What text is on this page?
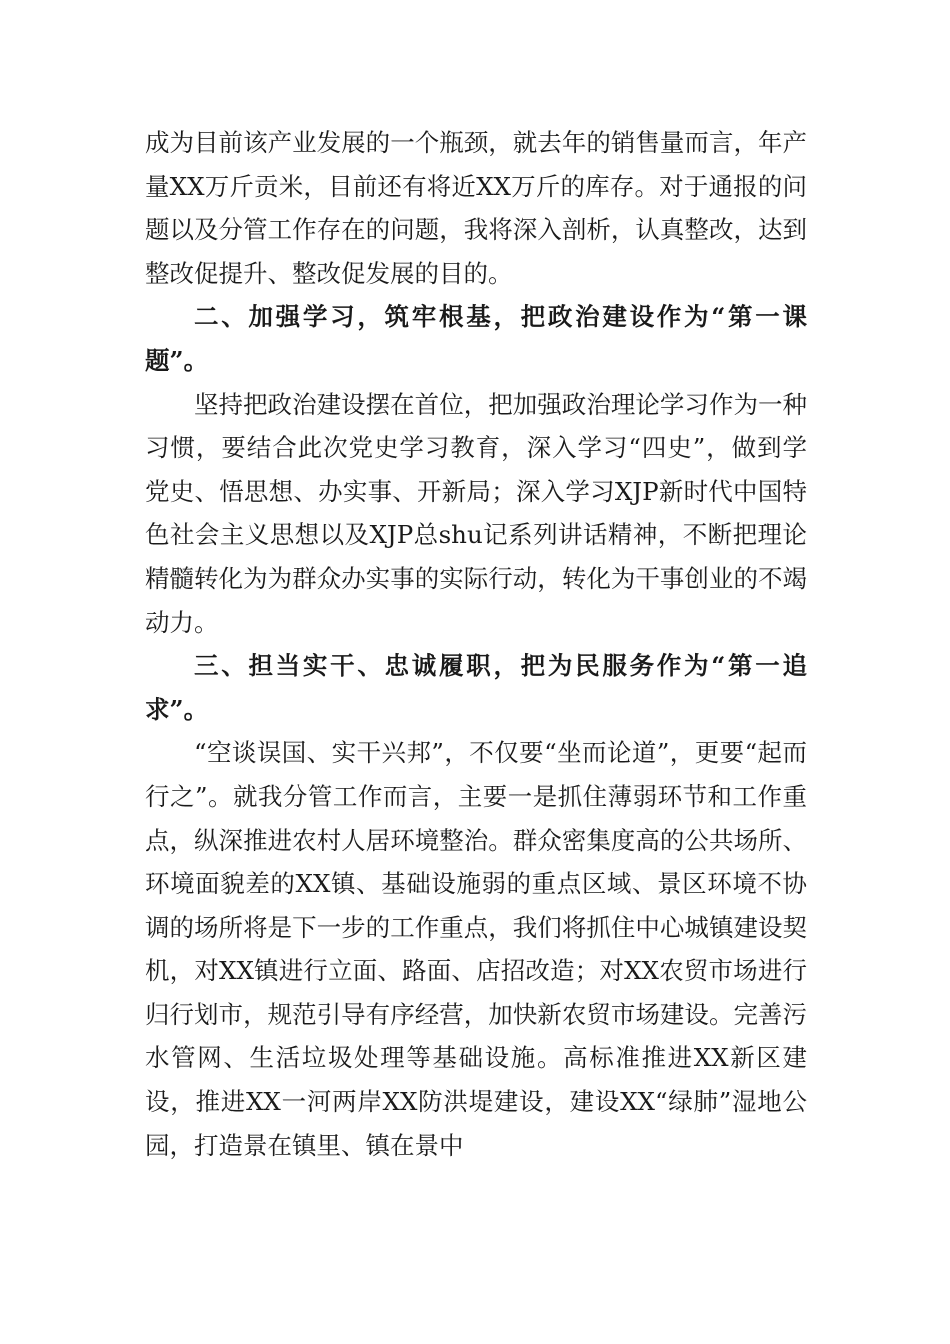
成为目前该产业发展的一个瓶颈，就去年的销售量而言，年产量XX万斤贡米，目前还有将近XX万斤的库存。对于通报的问题以及分管工作存在的问题，我将深入剖析，认真整改，达到整改促提升、整改促发展的目的。

二、加强学习，筑牢根基，把政治建设作为“第一课题”。

坚持把政治建设摆在首位，把加强政治理论学习作为一种习惯，要结合此次党史学习教育，深入学习“四史”，做到学党史、悟思想、办实事、开新局；深入学习XJP新时代中国特色社会主义思想以及XJP总shu记系列讲话精神，不断把理论精髓转化为为群众办实事的实际行动，转化为干事创业的不竭动力。

三、担当实干、忠诚履职，把为民服务作为“第一追求”。

“空谈误国、实干兴邦”，不仅要“坐而论道”，更要“起而行之”。就我分管工作而言，主要一是抓住薄弱环节和工作重点，纵深推进农村人居环境整治。群众密集度高的公共场所、环境面貌差的XX镇、基础设施弱的重点区域、景区环境不协调的场所将是下一步的工作重点，我们将抓住中心城镇建设契机，对XX镇进行立面、路面、店招改造；对XX农贸市场进行归行划市，规范引导有序经营，加快新农贸市场建设。完善污水管网、生活垃圾处理等基础设施。高标准推进XX新区建设，推进XX一河两岸XX防洪堤建设，建设XX“绿肺”湿地公园，打造景在镇里、镇在景中
